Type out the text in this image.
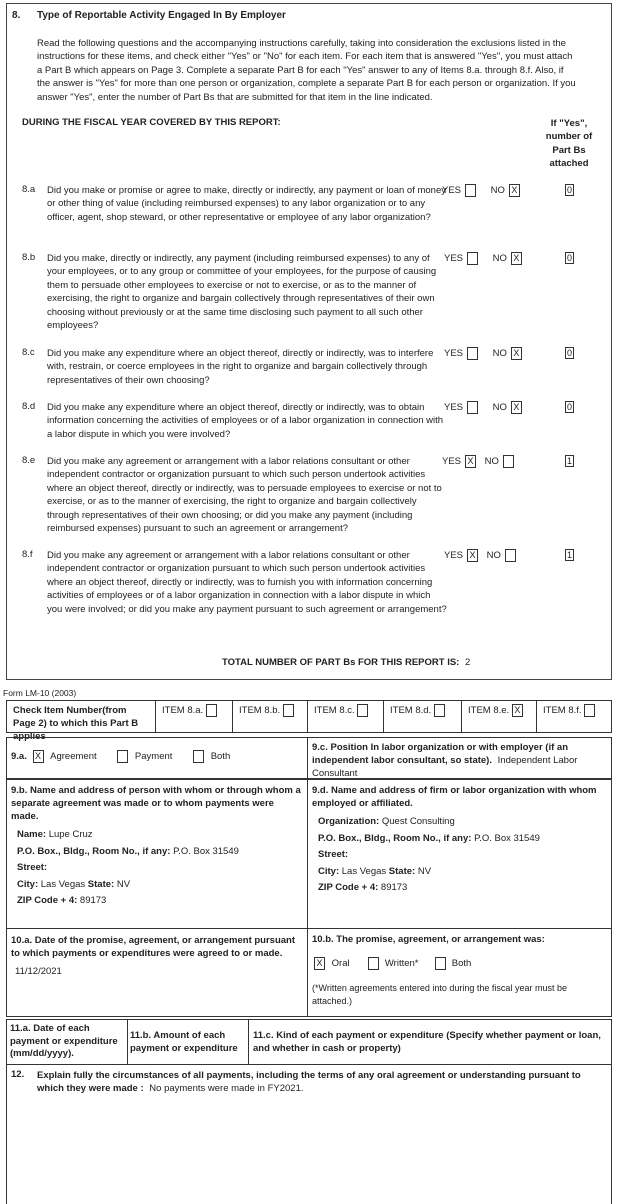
8. Type of Reportable Activity Engaged In By Employer
Read the following questions and the accompanying instructions carefully, taking into consideration the exclusions listed in the instructions for these items, and check either "Yes" or "No" for each item. For each item that is answered "Yes", you must attach a Part B which appears on Page 3. Complete a separate Part B for each "Yes" answer to any of Items 8.a. through 8.f. Also, if the answer is "Yes" for more than one person or organization, complete a separate Part B for each person or organization. If you answer "Yes", enter the number of Part Bs that are submitted for that item in the line indicated.
DURING THE FISCAL YEAR COVERED BY THIS REPORT:	If "Yes", number of Part Bs attached
8.a Did you make or promise or agree to make, directly or indirectly, any payment or loan of money or other thing of value (including reimbursed expenses) to any labor organization or to any officer, agent, shop steward, or other representative or employee of any labor organization?
YES	NO X	0
8.b Did you make, directly or indirectly, any payment (including reimbursed expenses) to any of your employees, or to any group or committee of your employees, for the purpose of causing them to persuade other employees to exercise or not to exercise, or as to the manner of exercising, the right to organize and bargain collectively through representatives of their own choosing without previously or at the same time disclosing such payment to all such other employees?
YES	NO X	0
8.c Did you make any expenditure where an object thereof, directly or indirectly, was to interfere with, restrain, or coerce employees in the right to organize and bargain collectively through representatives of their own choosing?
YES	NO X	0
8.d Did you make any expenditure where an object thereof, directly or indirectly, was to obtain information concerning the activities of employees or of a labor organization in connection with a labor dispute in which you were involved?
YES	NO X	0
8.e Did you make any agreement or arrangement with a labor relations consultant or other independent contractor or organization pursuant to which such person undertook activities where an object thereof, directly or indirectly, was to persuade employees to exercise or not to exercise, or as to the manner of exercising, the right to organize and bargain collectively through representatives of their own choosing; or did you make any payment (including reimbursed expenses) pursuant to such an agreement or arrangement?
YES X NO	1
8.f Did you make any agreement or arrangement with a labor relations consultant or other independent contractor or organization pursuant to which such person undertook activities where an object thereof, directly or indirectly, was to furnish you with information concerning activities of employees or of a labor organization in connection with a labor dispute in which you were involved; or did you make any payment pursuant to such agreement or arrangement?
YES X NO	1
TOTAL NUMBER OF PART Bs FOR THIS REPORT IS: 2
Form LM-10 (2003)
Check Item Number(from Page 2) to which this Part B applies
ITEM 8.a.	ITEM 8.b.	ITEM 8.c.	ITEM 8.d.	ITEM 8.e. X	ITEM 8.f.
9.a. X Agreement	Payment	Both
9.c. Position In labor organization or with employer (if an independent labor consultant, so state). Independent Labor Consultant
9.b. Name and address of person with whom or through whom a separate agreement was made or to whom payments were made.
Name: Lupe Cruz
P.O. Box., Bldg., Room No., if any: P.O. Box 31549
Street:
City: Las Vegas State: NV
ZIP Code + 4: 89173
9.d. Name and address of firm or labor organization with whom employed or affiliated.
Organization: Quest Consulting
P.O. Box., Bldg., Room No., if any: P.O. Box 31549
Street:
City: Las Vegas State: NV
ZIP Code + 4: 89173
10.a. Date of the promise, agreement, or arrangement pursuant to which payments or expenditures were agreed to or made.
11/12/2021
10.b. The promise, agreement, or arrangement was:
X Oral	Written*	Both
(*Written agreements entered into during the fiscal year must be attached.)
11.a. Date of each payment or expenditure (mm/dd/yyyy).
11.b. Amount of each payment or expenditure
11.c. Kind of each payment or expenditure (Specify whether payment or loan, and whether in cash or property)
12. Explain fully the circumstances of all payments, including the terms of any oral agreement or understanding pursuant to which they were made : No payments were made in FY2021.
